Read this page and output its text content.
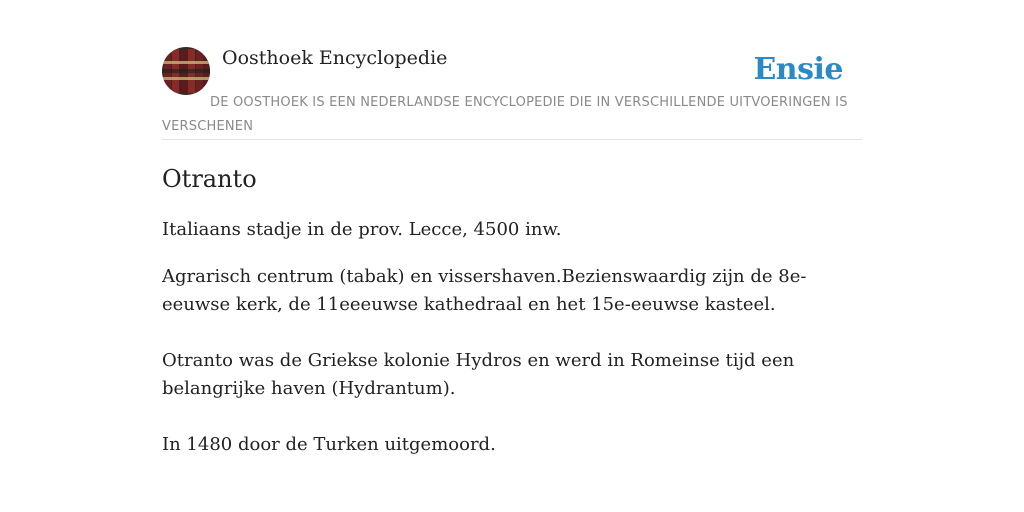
Oosthoek Encyclopedie	Ensie
DE OOSTHOEK IS EEN NEDERLANDSE ENCYCLOPEDIE DIE IN VERSCHILLENDE UITVOERINGEN IS VERSCHENEN
Otranto

Italiaans stadje in de prov. Lecce, 4500 inw.

Agrarisch centrum (tabak) en vissershaven.Bezienswaardig zijn de 8e-eeuwse kerk, de 11eeeuwse kathedraal en het 15e-eeuwse kasteel.

Otranto was de Griekse kolonie Hydros en werd in Romeinse tijd een belangrijke haven (Hydrantum).

In 1480 door de Turken uitgemoord.
